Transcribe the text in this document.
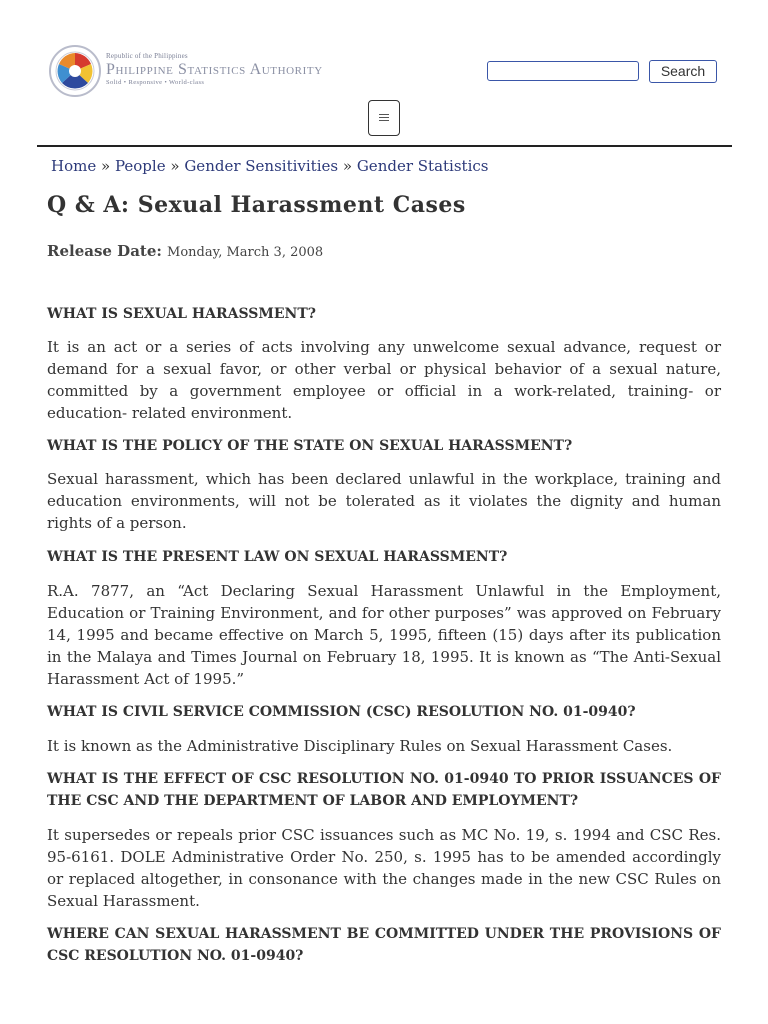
Republic of the Philippines
Philippine Statistics Authority
Solid • Responsive • World-class
Search
Home » People » Gender Sensitivities » Gender Statistics
Q & A: Sexual Harassment Cases
Release Date: Monday, March 3, 2008
WHAT IS SEXUAL HARASSMENT?
It is an act or a series of acts involving any unwelcome sexual advance, request or demand for a sexual favor, or other verbal or physical behavior of a sexual nature, committed by a government employee or official in a work-related, training- or education- related environment.
WHAT IS THE POLICY OF THE STATE ON SEXUAL HARASSMENT?
Sexual harassment, which has been declared unlawful in the workplace, training and education environments, will not be tolerated as it violates the dignity and human rights of a person.
WHAT IS THE PRESENT LAW ON SEXUAL HARASSMENT?
R.A. 7877, an “Act Declaring Sexual Harassment Unlawful in the Employment, Education or Training Environment, and for other purposes” was approved on February 14, 1995 and became effective on March 5, 1995, fifteen (15) days after its publication in the Malaya and Times Journal on February 18, 1995. It is known as “The Anti-Sexual Harassment Act of 1995.”
WHAT IS CIVIL SERVICE COMMISSION (CSC) RESOLUTION NO. 01-0940?
It is known as the Administrative Disciplinary Rules on Sexual Harassment Cases.
WHAT IS THE EFFECT OF CSC RESOLUTION NO. 01-0940 TO PRIOR ISSUANCES OF THE CSC AND THE DEPARTMENT OF LABOR AND EMPLOYMENT?
It supersedes or repeals prior CSC issuances such as MC No. 19, s. 1994 and CSC Res. 95-6161. DOLE Administrative Order No. 250, s. 1995 has to be amended accordingly or replaced altogether, in consonance with the changes made in the new CSC Rules on Sexual Harassment.
WHERE CAN SEXUAL HARASSMENT BE COMMITTED UNDER THE PROVISIONS OF CSC RESOLUTION NO. 01-0940?
